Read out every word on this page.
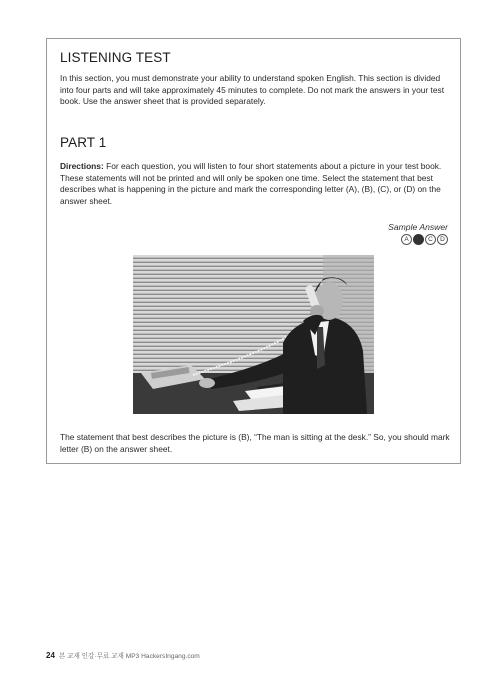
LISTENING TEST
In this section, you must demonstrate your ability to understand spoken English. This section is divided into four parts and will take approximately 45 minutes to complete. Do not mark the answers in your test book. Use the answer sheet that is provided separately.
PART 1
Directions: For each question, you will listen to four short statements about a picture in your test book. These statements will not be printed and will only be spoken one time. Select the statement that best describes what is happening in the picture and mark the corresponding letter (A), (B), (C), or (D) on the answer sheet.
Sample Answer
A	B	C	D
The statement that best describes the picture is (B), “The man is sitting at the desk.” So, you should mark letter (B) on the answer sheet.
24 본 교재 인강·무료 교재 MP3 HackersIngang.com
